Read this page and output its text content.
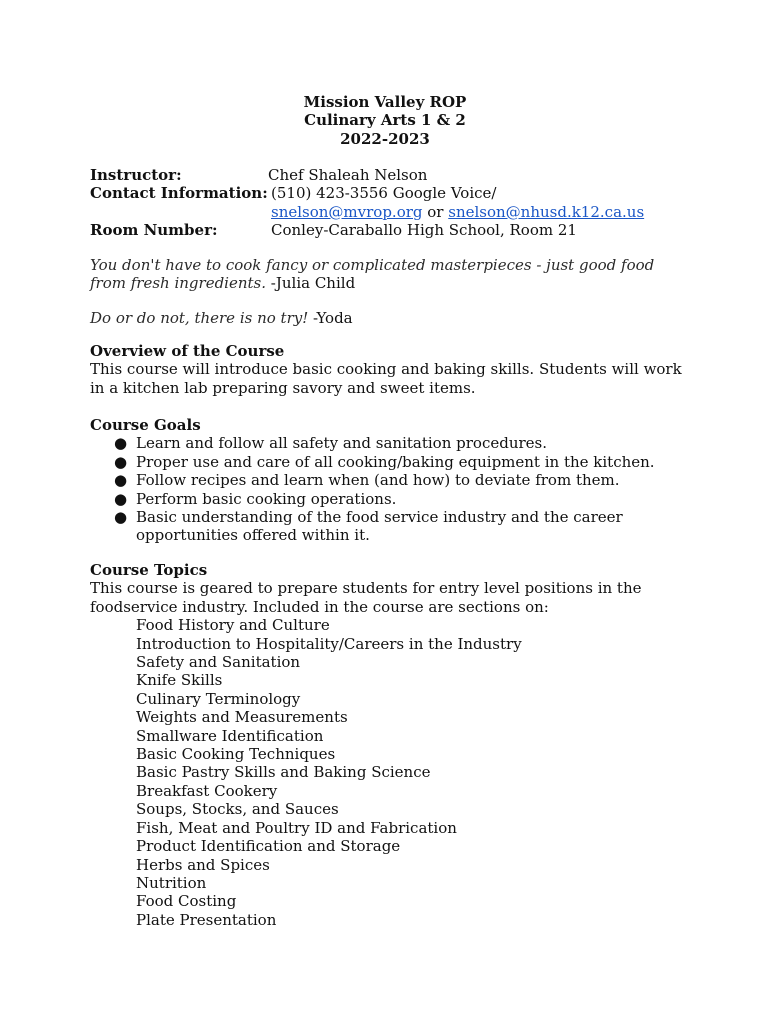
Mission Valley ROP
Culinary Arts 1 & 2
2022-2023
Instructor:	Chef Shaleah Nelson
Contact Information: (510) 423-3556 Google Voice/
snelson@mvrop.org or snelson@nhusd.k12.ca.us
Room Number:	Conley-Caraballo High School, Room 21
You don't have to cook fancy or complicated masterpieces - just good food from fresh ingredients. -Julia Child
Do or do not, there is no try! -Yoda
Overview of the Course

This course will introduce basic cooking and baking skills. Students will work in a kitchen lab preparing savory and sweet items.

Course Goals
● Learn and follow all safety and sanitation procedures.
● Proper use and care of all cooking/baking equipment in the kitchen.
● Follow recipes and learn when (and how) to deviate from them.
● Perform basic cooking operations.
● Basic understanding of the food service industry and the career opportunities offered within it.
Course Topics

This course is geared to prepare students for entry level positions in the foodservice industry. Included in the course are sections on:

Food History and Culture
Introduction to Hospitality/Careers in the Industry
Safety and Sanitation
Knife Skills
Culinary Terminology
Weights and Measurements
Smallware Identification
Basic Cooking Techniques
Basic Pastry Skills and Baking Science
Breakfast Cookery
Soups, Stocks, and Sauces
Fish, Meat and Poultry ID and Fabrication
Product Identification and Storage
Herbs and Spices
Nutrition
Food Costing
Plate Presentation
